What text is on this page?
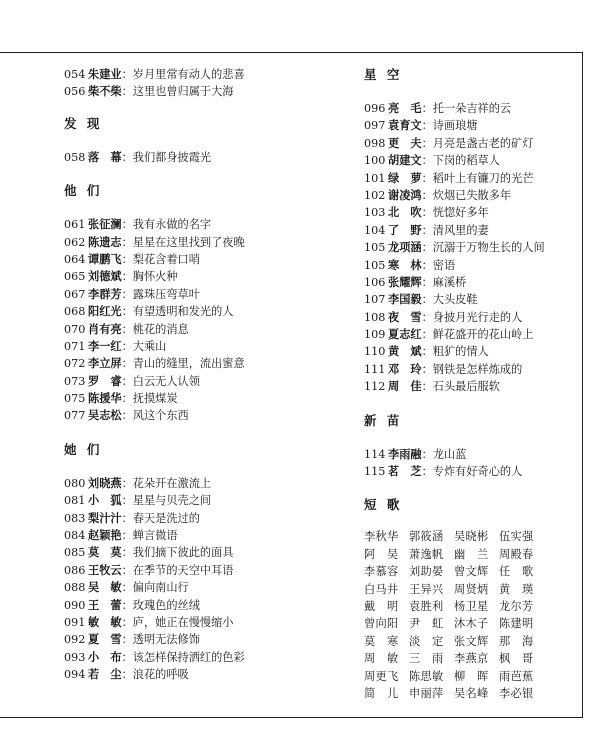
054 朱建业：岁月里常有动人的悲喜
056 柴不柴：这里也曾归属于大海
发 现
058 落　幕：我们都身披霞光
他 们
061 张征澜：我有永做的名字
062 陈遗志：星星在这里找到了夜晚
064 谭鹏飞：梨花含着口哨
065 刘德斌：胸怀火种
067 李群芳：露珠压弯草叶
068 阳红光：有望透明和发光的人
070 肖有亮：桃花的消息
071 李一红：大乘山
072 李立屏：青山的缝里，流出蜜意
073 罗　睿：白云无人认领
075 陈援华：抚摸煤炭
077 吴志松：风这个东西
她 们
080 刘晓燕：花朵开在激流上
081 小　狐：星星与贝壳之间
083 梨汁汁：春天是洗过的
084 赵颖艳：蝉言微语
085 莫　莫：我们摘下彼此的面具
086 王牧云：在季节的天空中耳语
088 吴　敏：偏向南山行
090 王　蕾：玫瑰色的丝绒
091 敏　敏：庐，她正在慢慢缩小
092 夏　雪：透明无法修饰
093 小　布：该怎样保持洒红的色彩
094 若　尘：浪花的呼吸
星 空
096 亮　毛：托一朵吉祥的云
097 袁育文：诗画琅塘
098 更　夫：月亮是盏古老的矿灯
100 胡建文：下岗的稻草人
101 绿　萝：稻叶上有镰刀的光芒
102 谢凌鸿：炊烟已失散多年
103 北　吹：恍惚好多年
104 了　野：清风里的妻
105 龙项涵：沉溺于万物生长的人间
105 寒　林：密语
106 张耀辉：麻溪桥
107 李国毅：大头皮鞋
108 夜　雪：身披月光行走的人
109 夏志红：鲜花盛开的花山岭上
110 黄　斌：粗犷的情人
111 邓　玲：钢铁是怎样炼成的
112 周　佳：石头最后服软
新 苗
114 李雨融：龙山蓝
115 茗　芝：专炸有好奇心的人
短 歌
李秋华 郭筱涵 吴晓彬 伍实强
阿　吴 萧逸帆 幽　兰 周殿春
李慕容 刘助晏 曾文辉 任　歌
白马井 王异兴 周贤炳 黄　瑛
戴　明 袁胜利 杨卫星 龙尔芳
曾向阳 尹　虹 沐木子 陈建明
莫　寒 淡　定 张文辉 那　海
周　敏 三　雨 李燕京 枫　哥
周更飞 陈思敏 柳　晖 雨芭蕉
简　儿 申丽萍 吴名峰 李必银
